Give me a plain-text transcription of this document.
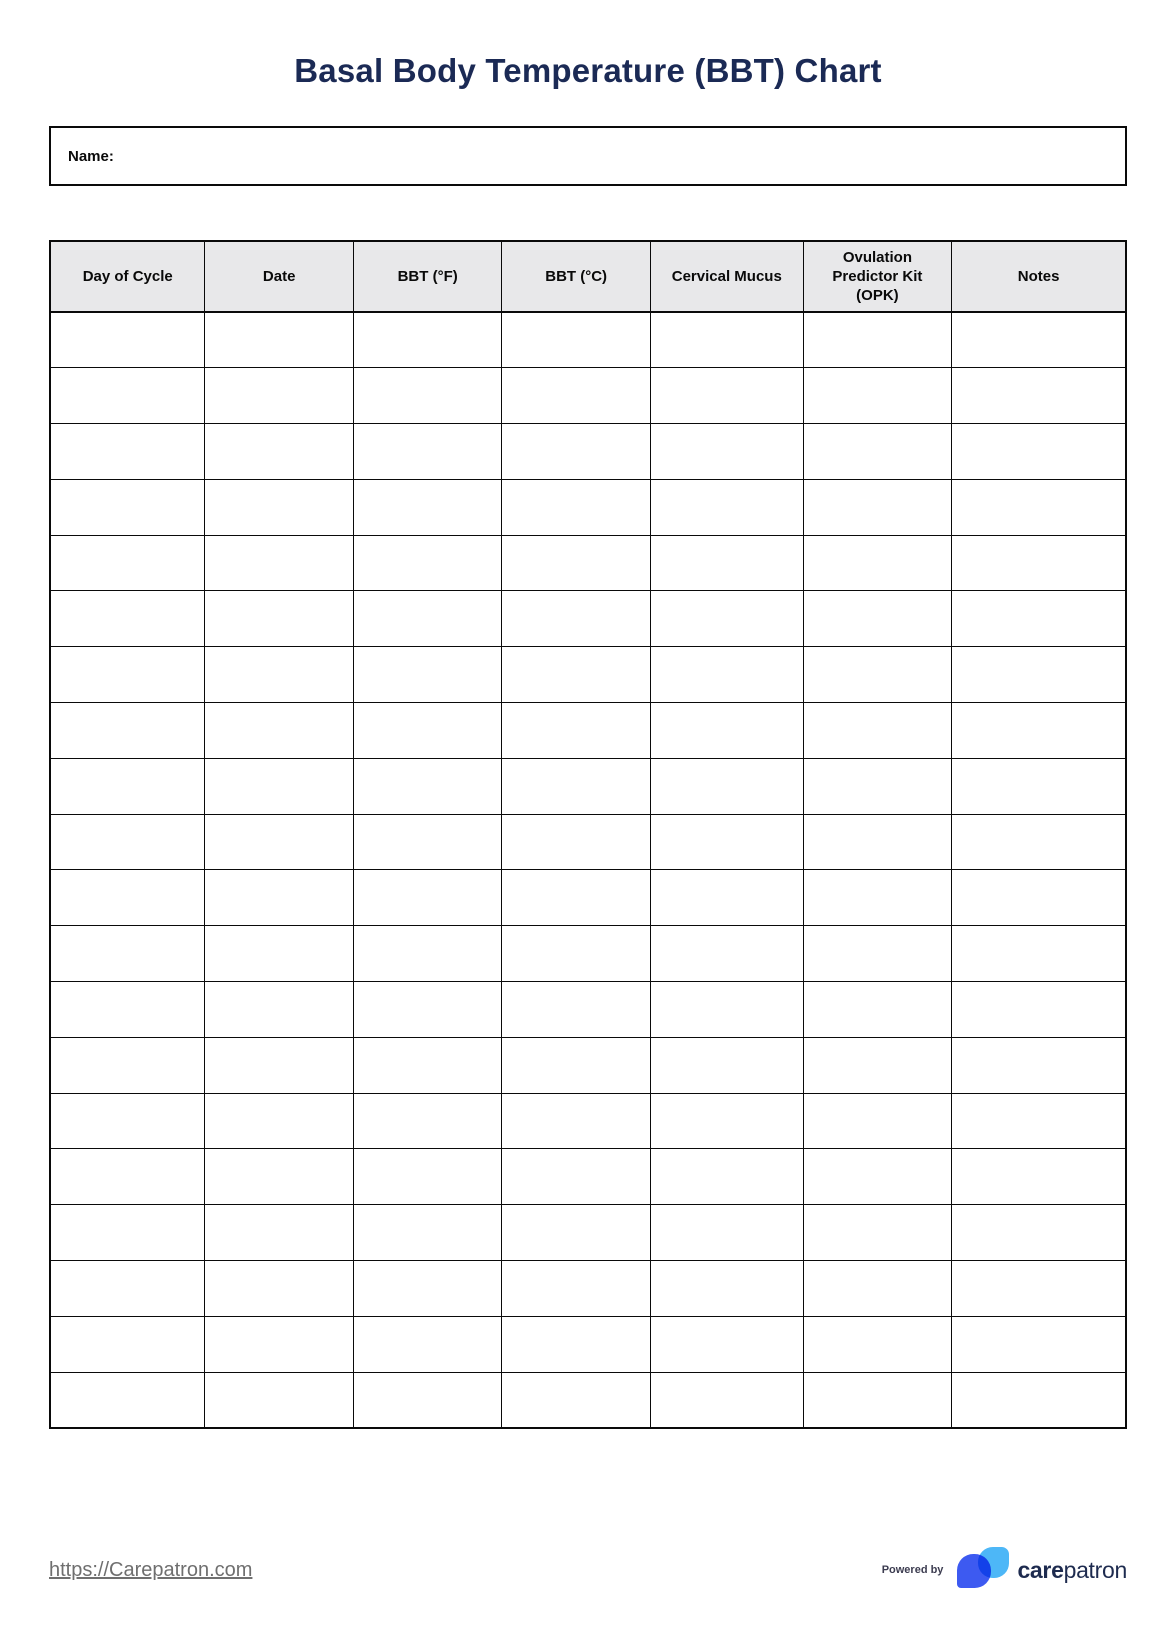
Basal Body Temperature (BBT) Chart
Name:
Day of Cycle	Date	BBT (°F)	BBT (°C)	Cervical Mucus	Ovulation Predictor Kit (OPK)	Notes

https://Carepatron.com	Powered by	carepatron
